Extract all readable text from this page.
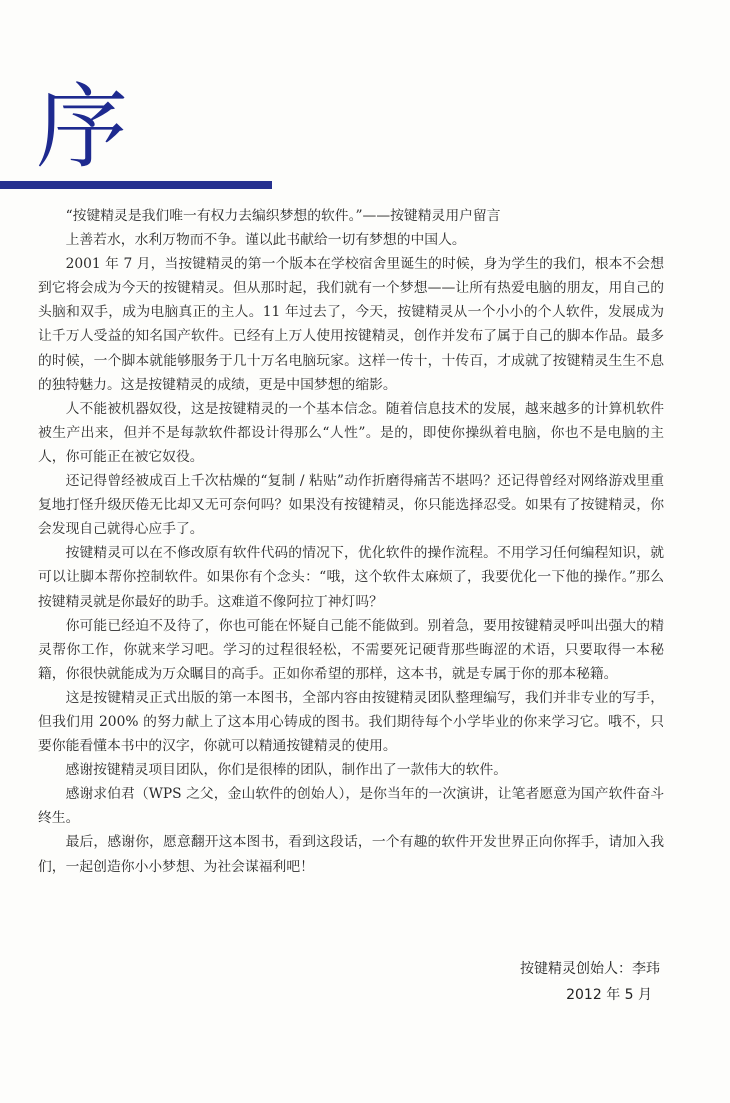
序

“按键精灵是我们唯一有权力去编织梦想的软件。”——按键精灵用户留言

上善若水，水利万物而不争。谨以此书献给一切有梦想的中国人。

2001 年 7 月，当按键精灵的第一个版本在学校宿舍里诞生的时候，身为学生的我们，根本不会想到它将会成为今天的按键精灵。但从那时起，我们就有一个梦想——让所有热爱电脑的朋友，用自己的头脑和双手，成为电脑真正的主人。11 年过去了，今天，按键精灵从一个小小的个人软件，发展成为让千万人受益的知名国产软件。已经有上万人使用按键精灵，创作并发布了属于自己的脚本作品。最多的时候，一个脚本就能够服务于几十万名电脑玩家。这样一传十，十传百，才成就了按键精灵生生不息的独特魅力。这是按键精灵的成绩，更是中国梦想的缩影。

人不能被机器奴役，这是按键精灵的一个基本信念。随着信息技术的发展，越来越多的计算机软件被生产出来，但并不是每款软件都设计得那么“人性”。是的，即使你操纵着电脑，你也不是电脑的主人，你可能正在被它奴役。

还记得曾经被成百上千次枯燥的“复制 / 粘贴”动作折磨得痛苦不堪吗？还记得曾经对网络游戏里重复地打怪升级厌倦无比却又无可奈何吗？如果没有按键精灵，你只能选择忍受。如果有了按键精灵，你会发现自己就得心应手了。

按键精灵可以在不修改原有软件代码的情况下，优化软件的操作流程。不用学习任何编程知识，就可以让脚本帮你控制软件。如果你有个念头：“哦，这个软件太麻烦了，我要优化一下他的操作。”那么按键精灵就是你最好的助手。这难道不像阿拉丁神灯吗？

你可能已经迫不及待了，你也可能在怀疑自己能不能做到。别着急，要用按键精灵呼叫出强大的精灵帮你工作，你就来学习吧。学习的过程很轻松，不需要死记硬背那些晦涩的术语，只要取得一本秘籍，你很快就能成为万众瞩目的高手。正如你希望的那样，这本书，就是专属于你的那本秘籍。

这是按键精灵正式出版的第一本图书，全部内容由按键精灵团队整理编写，我们并非专业的写手，但我们用 200% 的努力献上了这本用心铸成的图书。我们期待每个小学毕业的你来学习它。哦不，只要你能看懂本书中的汉字，你就可以精通按键精灵的使用。

感谢按键精灵项目团队，你们是很棒的团队，制作出了一款伟大的软件。

感谢求伯君（WPS 之父，金山软件的创始人），是你当年的一次演讲，让笔者愿意为国产软件奋斗终生。

最后，感谢你，愿意翻开这本图书，看到这段话，一个有趣的软件开发世界正向你挥手，请加入我们，一起创造你小小梦想、为社会谋福利吧！

按键精灵创始人：李玮
2012 年 5 月
